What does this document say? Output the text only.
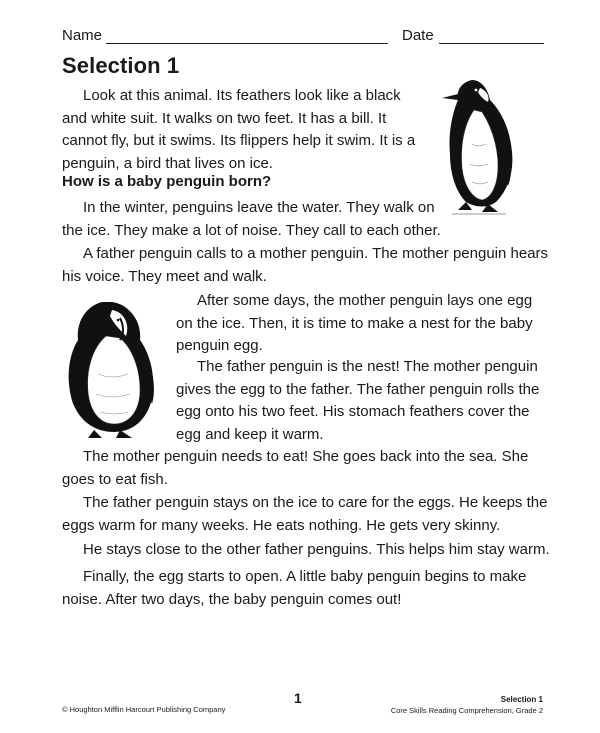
Name	Date
Selection 1

Look at this animal. Its feathers look like a black and white suit. It walks on two feet. It has a bill. It cannot fly, but it swims. Its flippers help it swim. It is a penguin, a bird that lives on ice.

How is a baby penguin born?

In the winter, penguins leave the water. They walk on the ice. They make a lot of noise. They call to each other.

A father penguin calls to a mother penguin. The mother penguin hears his voice. They meet and walk.

After some days, the mother penguin lays one egg on the ice. Then, it is time to make a nest for the baby penguin egg.

The father penguin is the nest! The mother penguin gives the egg to the father. The father penguin rolls the egg onto his two feet. His stomach feathers cover the egg and keep it warm.

The mother penguin needs to eat! She goes back into the sea. She goes to eat fish.

The father penguin stays on the ice to care for the eggs. He keeps the eggs warm for many weeks. He eats nothing. He gets very skinny.

He stays close to the other father penguins. This helps him stay warm.

Finally, the egg starts to open. A little baby penguin begins to make noise. After two days, the baby penguin comes out!

© Houghton Mifflin Harcourt Publishing Company
1	Selection 1
Core Skills Reading Comprehension, Grade 2
